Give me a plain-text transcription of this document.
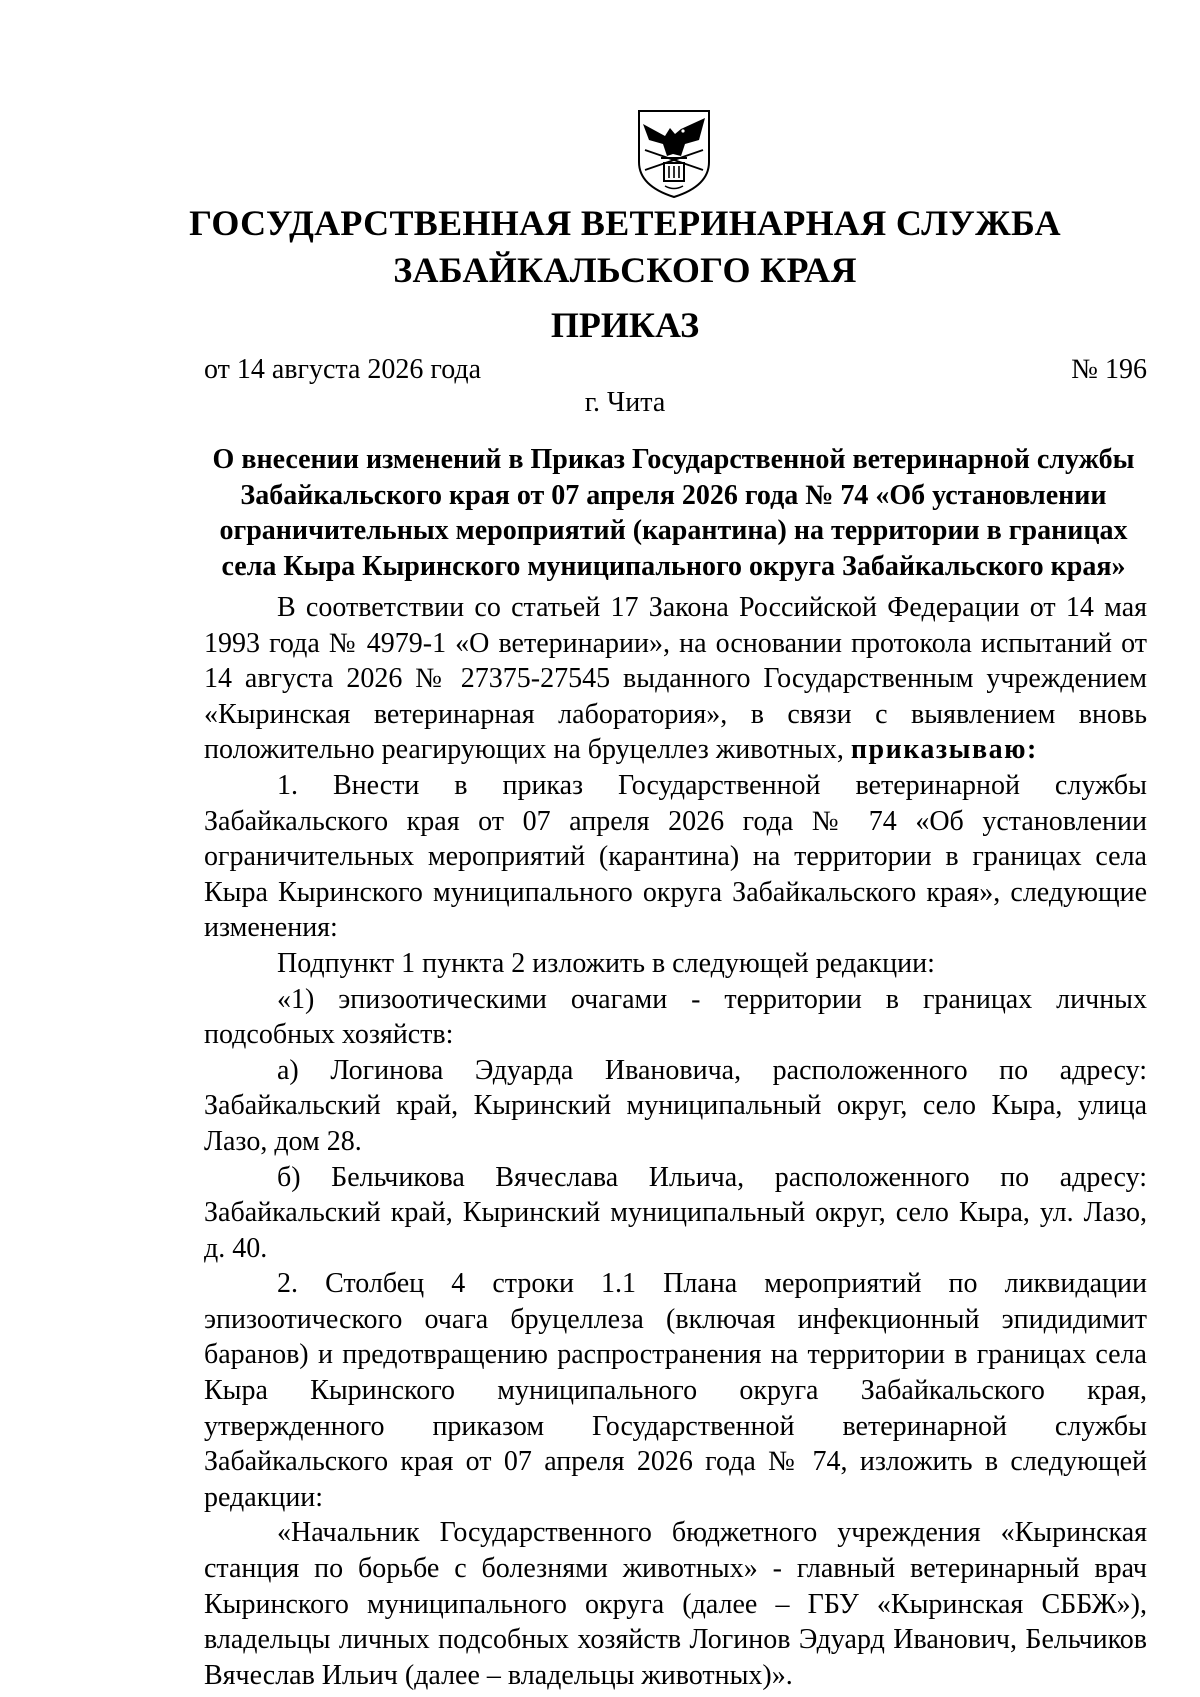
ГОСУДАРСТВЕННАЯ ВЕТЕРИНАРНАЯ СЛУЖБА
ЗАБАЙКАЛЬСКОГО КРАЯ
ПРИКАЗ
от 14 августа 2026 года	№ 196
г. Чита
О внесении изменений в Приказ Государственной ветеринарной службы Забайкальского края от 07 апреля 2026 года № 74 «Об установлении ограничительных мероприятий (карантина) на территории в границах села Кыра Кыринского муниципального округа Забайкальского края»

В соответствии со статьей 17 Закона Российской Федерации от 14 мая 1993 года № 4979-1 «О ветеринарии», на основании протокола испытаний от 14 августа 2026 № 27375-27545 выданного Государственным учреждением «Кыринская ветеринарная лаборатория», в связи с выявлением вновь положительно реагирующих на бруцеллез животных, приказываю:

1. Внести в приказ Государственной ветеринарной службы Забайкальского края от 07 апреля 2026 года № 74 «Об установлении ограничительных мероприятий (карантина) на территории в границах села Кыра Кыринского муниципального округа Забайкальского края», следующие изменения:

Подпункт 1 пункта 2 изложить в следующей редакции:

«1) эпизоотическими очагами - территории в границах личных подсобных хозяйств:

а) Логинова Эдуарда Ивановича, расположенного по адресу: Забайкальский край, Кыринский муниципальный округ, село Кыра, улица Лазо, дом 28.

б) Бельчикова Вячеслава Ильича, расположенного по адресу: Забайкальский край, Кыринский муниципальный округ, село Кыра, ул. Лазо, д. 40.

2. Столбец 4 строки 1.1 Плана мероприятий по ликвидации эпизоотического очага бруцеллеза (включая инфекционный эпидидимит баранов) и предотвращению распространения на территории в границах села Кыра Кыринского муниципального округа Забайкальского края, утвержденного приказом Государственной ветеринарной службы Забайкальского края от 07 апреля 2026 года № 74, изложить в следующей редакции:

«Начальник Государственного бюджетного учреждения «Кыринская станция по борьбе с болезнями животных» - главный ветеринарный врач Кыринского муниципального округа (далее – ГБУ «Кыринская СББЖ»), владельцы личных подсобных хозяйств Логинов Эдуард Иванович, Бельчиков Вячеслав Ильич (далее – владельцы животных)».
